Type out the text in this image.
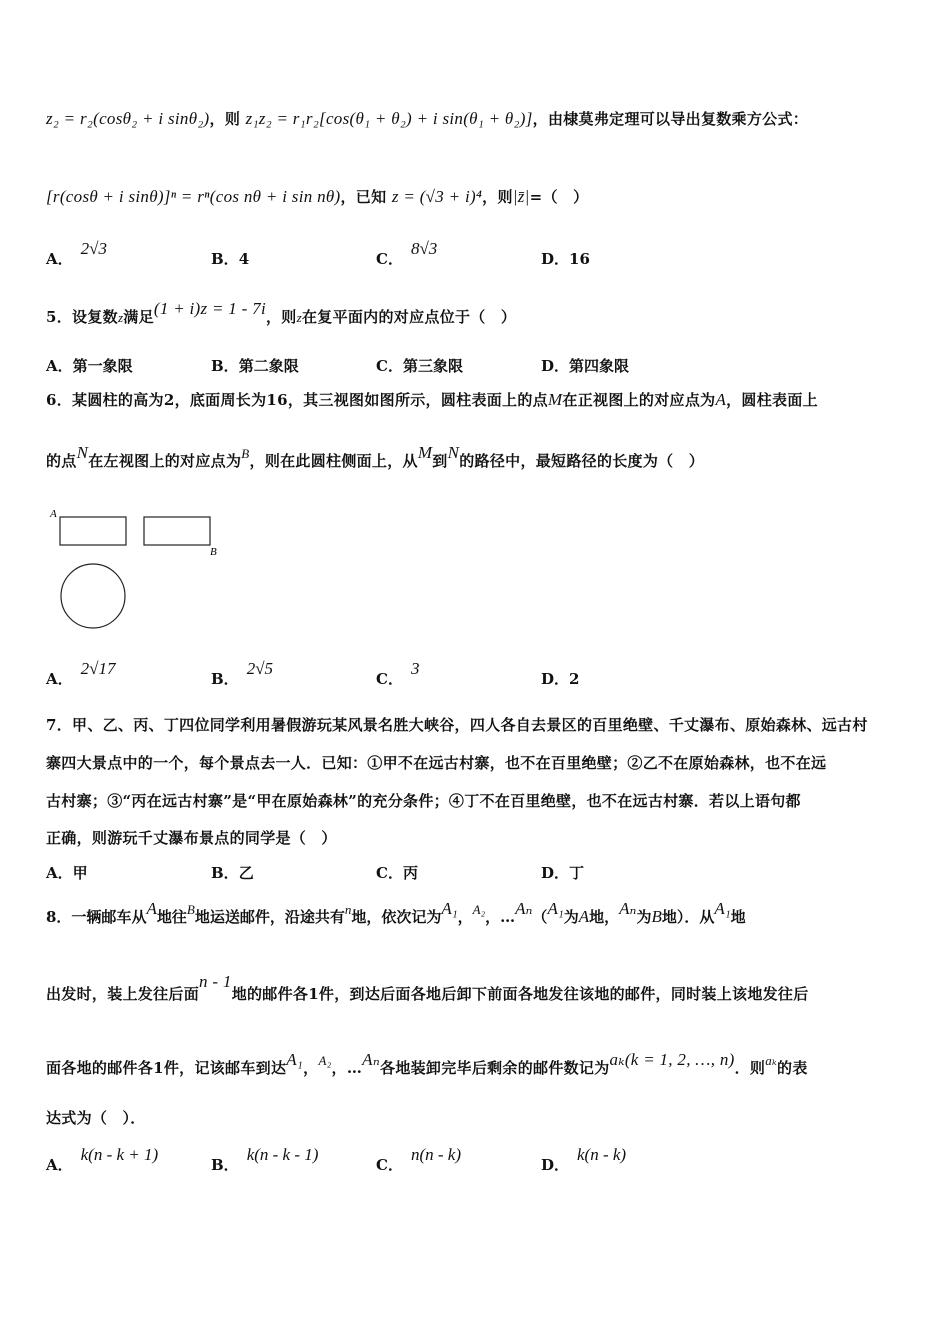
z₂ = r₂(cosθ₂ + i sinθ₂)，则 z₁z₂ = r₁r₂[cos(θ₁ + θ₂) + i sin(θ₁ + θ₂)]，由棣莫弗定理可以导出复数乘方公式：
[r(cosθ + i sinθ)]ⁿ = rⁿ(cos nθ + i sin nθ)，已知 z = (√3 + i)⁴，则|z̄|=（　）
A．2√3
B．4	C．8√3
D．16
5．设复数z满足(1 + i)z = 1 - 7i，则z在复平面内的对应点位于（　）
A．第一象限	B．第二象限	C．第三象限	D．第四象限
6．某圆柱的高为2，底面周长为16，其三视图如图所示，圆柱表面上的点M在正视图上的对应点为A，圆柱表面上
的点N在左视图上的对应点为B，则在此圆柱侧面上，从M到N的路径中，最短路径的长度为（　）
A
B
A．2√17
B．2√5
C．3
D．2
7．甲、乙、丙、丁四位同学利用暑假游玩某风景名胜大峡谷，四人各自去景区的百里绝壁、千丈瀑布、原始森林、远古村
寨四大景点中的一个，每个景点去一人．已知：①甲不在远古村寨，也不在百里绝壁；②乙不在原始森林，也不在远
古村寨；③“丙在远古村寨”是“甲在原始森林”的充分条件；④丁不在百里绝壁，也不在远古村寨．若以上语句都
正确，则游玩千丈瀑布景点的同学是（　）
A．甲	B．乙	C．丙	D．丁
8．一辆邮车从A地往B地运送邮件，沿途共有n地，依次记为A₁，A₂，…Aₙ（A₁为A地，Aₙ为B地）．从A₁地
出发时，装上发往后面n - 1地的邮件各1件，到达后面各地后卸下前面各地发往该地的邮件，同时装上该地发往后
面各地的邮件各1件，记该邮车到达A₁，A₂，…Aₙ各地装卸完毕后剩余的邮件数记为aₖ(k = 1, 2, …, n)．则aₖ的表
达式为（　）．
A．k(n - k + 1)
B．k(n - k - 1)
C．n(n - k)
D．k(n - k)
